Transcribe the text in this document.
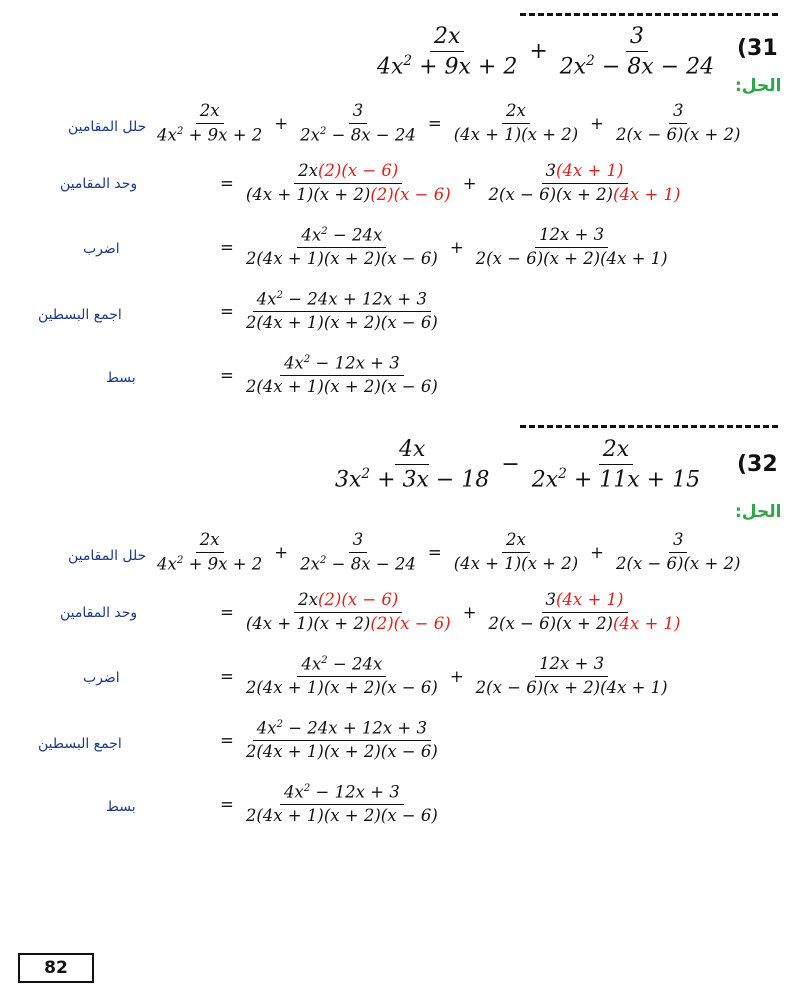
$\frac{2x}{4x^2 + 9x + 2} + \frac{3}{2x^2 - 8x - 24} (31$
الحل:
حلل المقامين $\frac{2x}{4x^2 + 9x + 2} + \frac{3}{2x^2 - 8x - 24} = \frac{2x}{(4x + 1)(x + 2)} + \frac{3}{2(x - 6)(x + 2)}$
وحد المقامين	= $\frac{2x(2)(x - 6)}{(4x + 1)(x + 2)(2)(x - 6)} + \frac{3(4x + 1)}{2(x - 6)(x + 2)(4x + 1)}$
اضرب	= $\frac{4x^2 - 24x}{2(4x + 1)(x + 2)(x - 6)} + \frac{12x + 3}{2(x - 6)(x + 2)(4x + 1)}$
اجمع البسطين	= $\frac{4x^2 - 24x + 12x + 3}{2(4x + 1)(x + 2)(x - 6)}$
بسط	= $\frac{4x^2 - 12x + 3}{2(4x + 1)(x + 2)(x - 6)}$
$\frac{4x}{3x^2 + 3x - 18} - \frac{2x}{2x^2 + 11x + 15} (32$
الحل:
حلل المقامين $\frac{2x}{4x^2 + 9x + 2} + \frac{3}{2x^2 - 8x - 24} = \frac{2x}{(4x + 1)(x + 2)} + \frac{3}{2(x - 6)(x + 2)}$
وحد المقامين	= $\frac{2x(2)(x - 6)}{(4x + 1)(x + 2)(2)(x - 6)} + \frac{3(4x + 1)}{2(x - 6)(x + 2)(4x + 1)}$
اضرب	= $\frac{4x^2 - 24x}{2(4x + 1)(x + 2)(x - 6)} + \frac{12x + 3}{2(x - 6)(x + 2)(4x + 1)}$
اجمع البسطين	= $\frac{4x^2 - 24x + 12x + 3}{2(4x + 1)(x + 2)(x - 6)}$
بسط	= $\frac{4x^2 - 12x + 3}{2(4x + 1)(x + 2)(x - 6)}$
82
